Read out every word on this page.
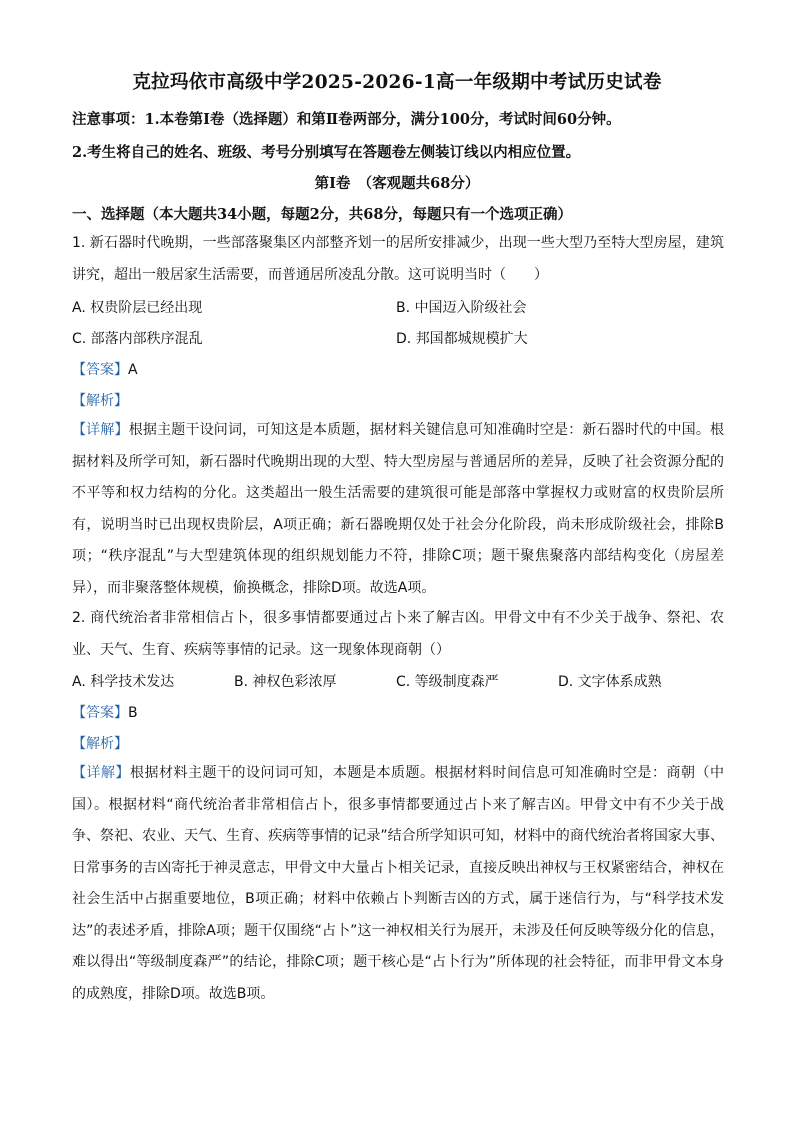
克拉玛依市高级中学2025-2026-1高一年级期中考试历史试卷
注意事项：1.本卷第Ⅰ卷（选择题）和第Ⅱ卷两部分，满分100分，考试时间60分钟。
2.考生将自己的姓名、班级、考号分别填写在答题卷左侧装订线以内相应位置。
第Ⅰ卷　（客观题共68分）
一、选择题（本大题共34小题，每题2分，共68分，每题只有一个选项正确）
1. 新石器时代晚期，一些部落聚集区内部整齐划一的居所安排减少，出现一些大型乃至特大型房屋，建筑讲究，超出一般居家生活需要，而普通居所凌乱分散。这可说明当时（　　）
A. 权贵阶层已经出现	B. 中国迈入阶级社会
C. 部落内部秩序混乱	D. 邦国都城规模扩大
【答案】A
【解析】
【详解】根据主题干设问词，可知这是本质题，据材料关键信息可知准确时空是：新石器时代的中国。根据材料及所学可知，新石器时代晚期出现的大型、特大型房屋与普通居所的差异，反映了社会资源分配的不平等和权力结构的分化。这类超出一般生活需要的建筑很可能是部落中掌握权力或财富的权贵阶层所有，说明当时已出现权贵阶层，A项正确；新石器晚期仅处于社会分化阶段，尚未形成阶级社会，排除B项；“秩序混乱”与大型建筑体现的组织规划能力不符，排除C项；题干聚焦聚落内部结构变化（房屋差异），而非聚落整体规模，偷换概念，排除D项。故选A项。
2. 商代统治者非常相信占卜，很多事情都要通过占卜来了解吉凶。甲骨文中有不少关于战争、祭祀、农业、天气、生育、疾病等事情的记录。这一现象体现商朝（）
A. 科学技术发达	B. 神权色彩浓厚	C. 等级制度森严	D. 文字体系成熟
【答案】B
【解析】
【详解】根据材料主题干的设问词可知，本题是本质题。根据材料时间信息可知准确时空是：商朝（中国）。根据材料“商代统治者非常相信占卜，很多事情都要通过占卜来了解吉凶。甲骨文中有不少关于战争、祭祀、农业、天气、生育、疾病等事情的记录”结合所学知识可知，材料中的商代统治者将国家大事、日常事务的吉凶寄托于神灵意志，甲骨文中大量占卜相关记录，直接反映出神权与王权紧密结合，神权在社会生活中占据重要地位，B项正确；材料中依赖占卜判断吉凶的方式，属于迷信行为，与“科学技术发达”的表述矛盾，排除A项；题干仅围绕“占卜”这一神权相关行为展开，未涉及任何反映等级分化的信息，难以得出“等级制度森严”的结论，排除C项；题干核心是“占卜行为”所体现的社会特征，而非甲骨文本身的成熟度，排除D项。故选B项。
